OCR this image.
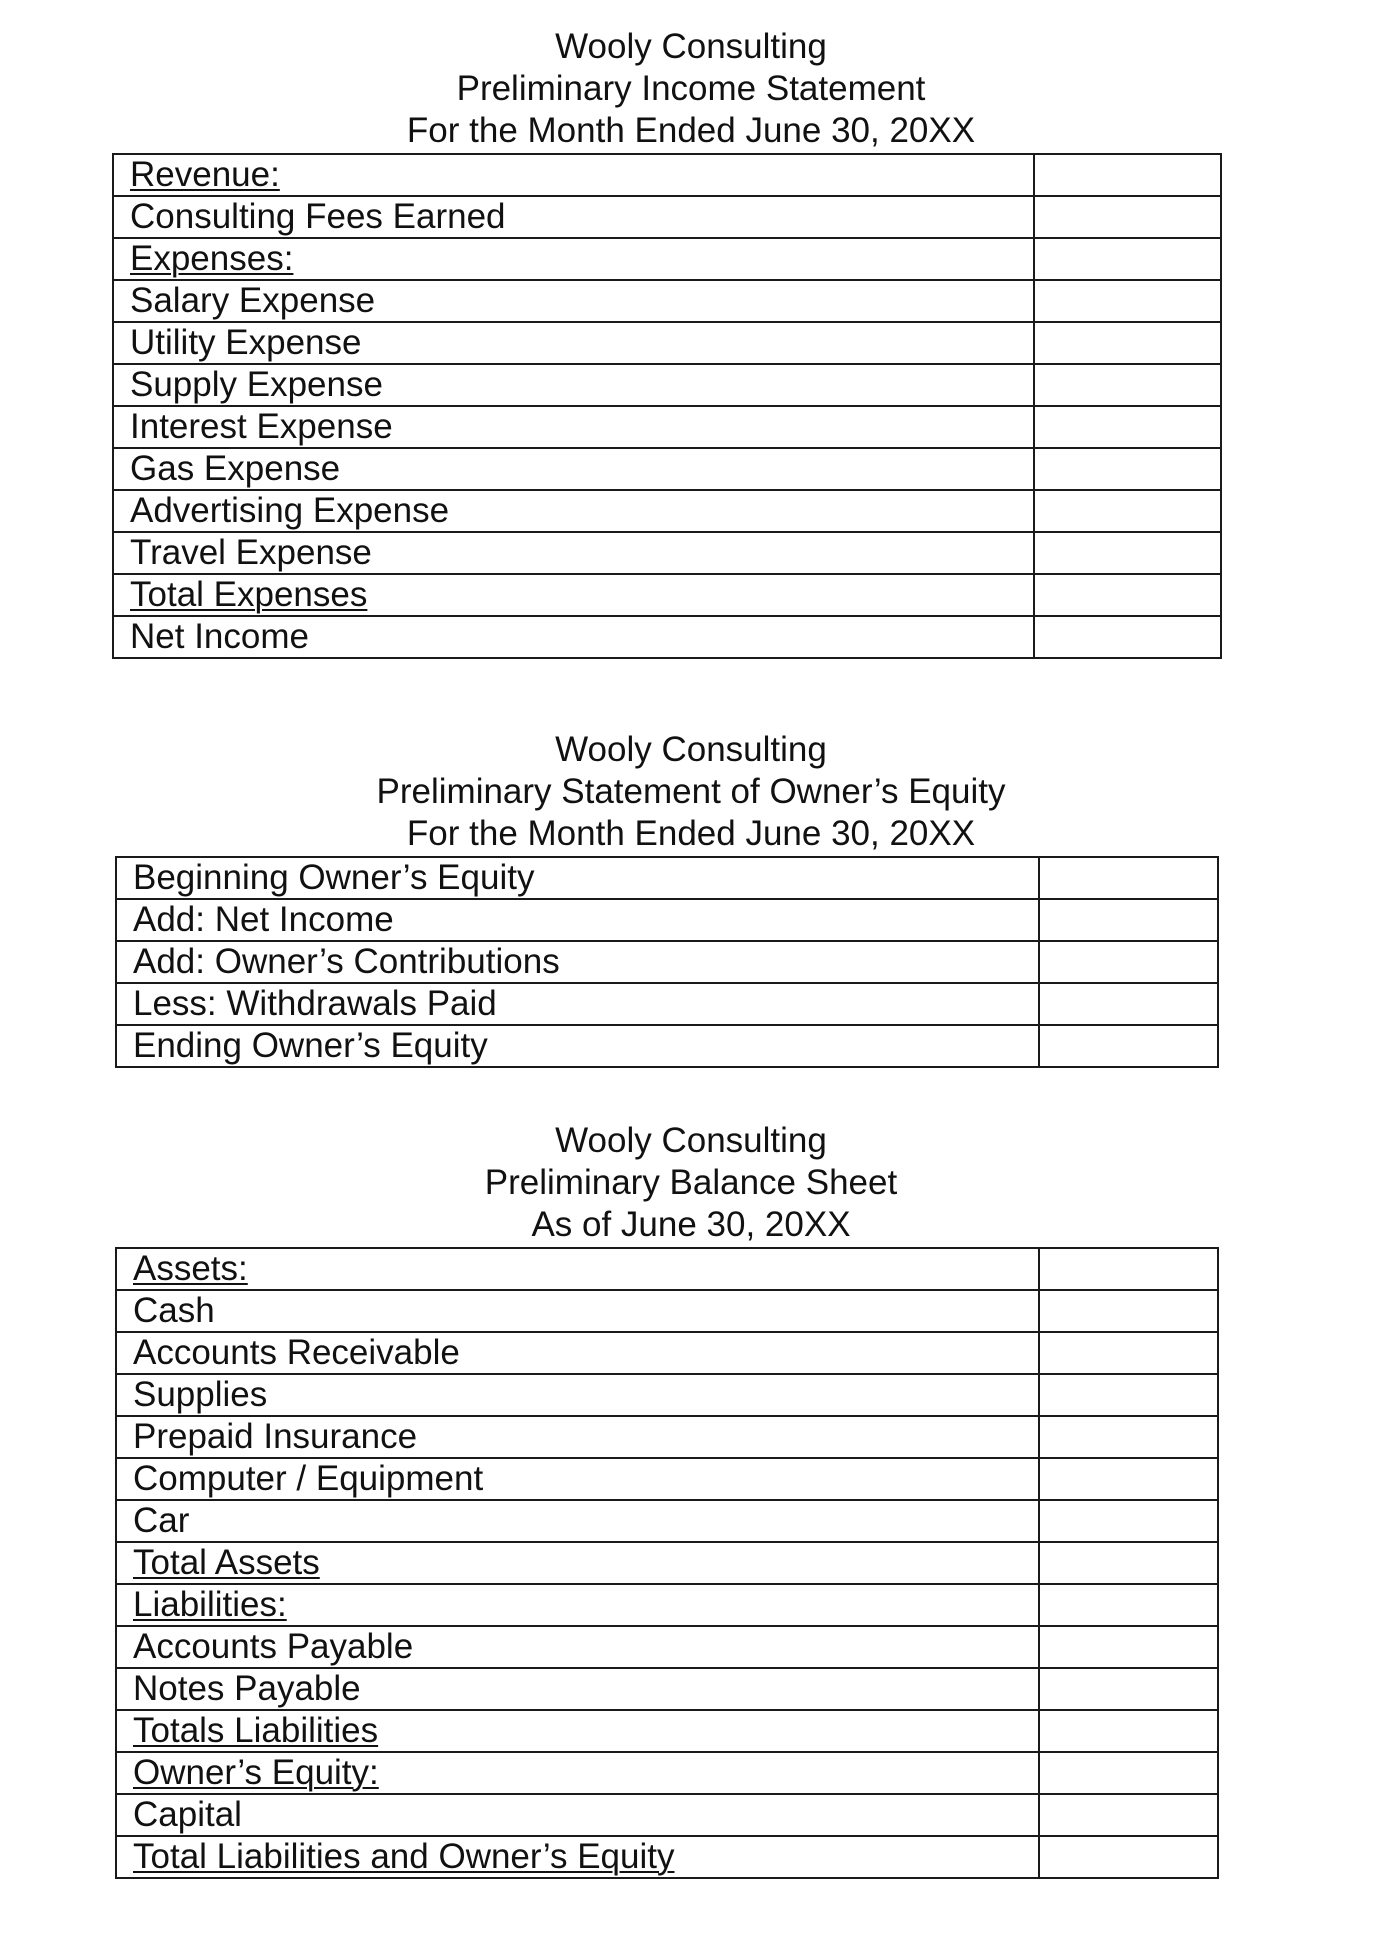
Wooly Consulting
Preliminary Income Statement
For the Month Ended June 30, 20XX
Revenue:	
Consulting Fees Earned	
Expenses:	
Salary Expense	
Utility Expense	
Supply Expense	
Interest Expense	
Gas Expense	
Advertising Expense	
Travel Expense	
Total Expenses	
Net Income	
Wooly Consulting
Preliminary Statement of Owner’s Equity
For the Month Ended June 30, 20XX
Beginning Owner’s Equity	
Add: Net Income	
Add: Owner’s Contributions	
Less: Withdrawals Paid	
Ending Owner’s Equity	
Wooly Consulting
Preliminary Balance Sheet
As of June 30, 20XX
Assets:	
Cash	
Accounts Receivable	
Supplies	
Prepaid Insurance	
Computer / Equipment	
Car	
Total Assets	
Liabilities:	
Accounts Payable	
Notes Payable	
Totals Liabilities	
Owner’s Equity:	
Capital	
Total Liabilities and Owner’s Equity	
